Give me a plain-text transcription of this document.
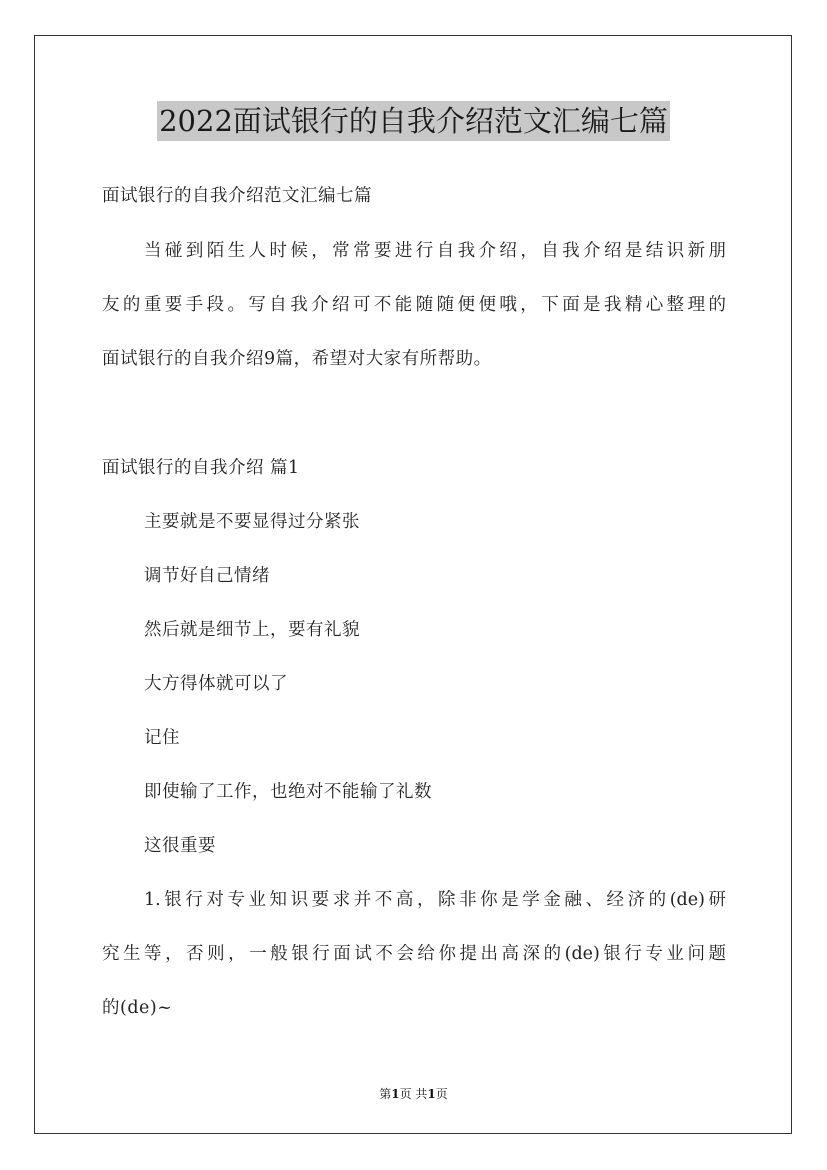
2022面试银行的自我介绍范文汇编七篇
面试银行的自我介绍范文汇编七篇
当碰到陌生人时候，常常要进行自我介绍，自我介绍是结识新朋
友的重要手段。写自我介绍可不能随随便便哦，下面是我精心整理的
面试银行的自我介绍9篇，希望对大家有所帮助。
面试银行的自我介绍 篇1
主要就是不要显得过分紧张
调节好自己情绪
然后就是细节上，要有礼貌
大方得体就可以了
记住
即使输了工作，也绝对不能输了礼数
这很重要
1.银行对专业知识要求并不高，除非你是学金融、经济的(de)研
究生等，否则，一般银行面试不会给你提出高深的(de)银行专业问题
的(de)~
第1页 共1页
